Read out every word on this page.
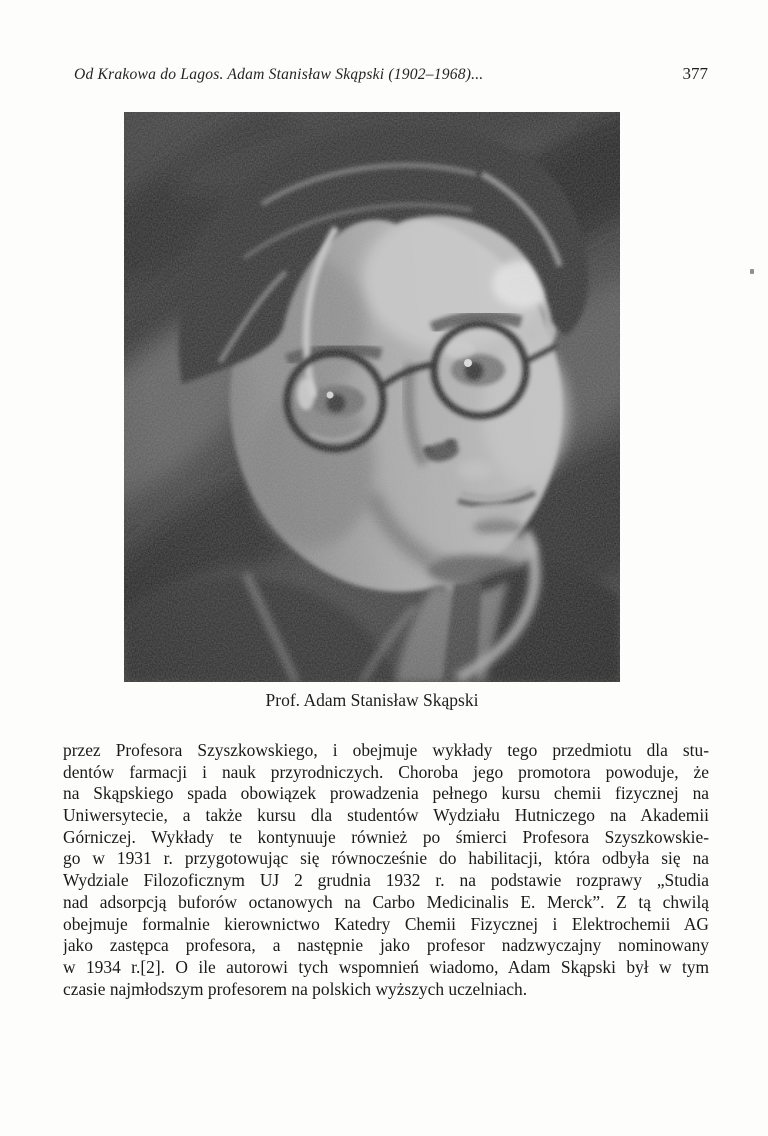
Od Krakowa do Lagos. Adam Stanisław Skąpski (1902–1968)...	377
Prof. Adam Stanisław Skąpski
przez Profesora Szyszkowskiego, i obejmuje wykłady tego przedmiotu dla stu-
dentów farmacji i nauk przyrodniczych. Choroba jego promotora powoduje, że
na Skąpskiego spada obowiązek prowadzenia pełnego kursu chemii fizycznej na
Uniwersytecie, a także kursu dla studentów Wydziału Hutniczego na Akademii
Górniczej. Wykłady te kontynuuje również po śmierci Profesora Szyszkowskie-
go w 1931 r. przygotowując się równocześnie do habilitacji, która odbyła się na
Wydziale Filozoficznym UJ 2 grudnia 1932 r. na podstawie rozprawy „Studia
nad adsorpcją buforów octanowych na Carbo Medicinalis E. Merck”. Z tą chwilą
obejmuje formalnie kierownictwo Katedry Chemii Fizycznej i Elektrochemii AG
jako zastępca profesora, a następnie jako profesor nadzwyczajny nominowany
w 1934 r.[2]. O ile autorowi tych wspomnień wiadomo, Adam Skąpski był w tym
czasie najmłodszym profesorem na polskich wyższych uczelniach.
